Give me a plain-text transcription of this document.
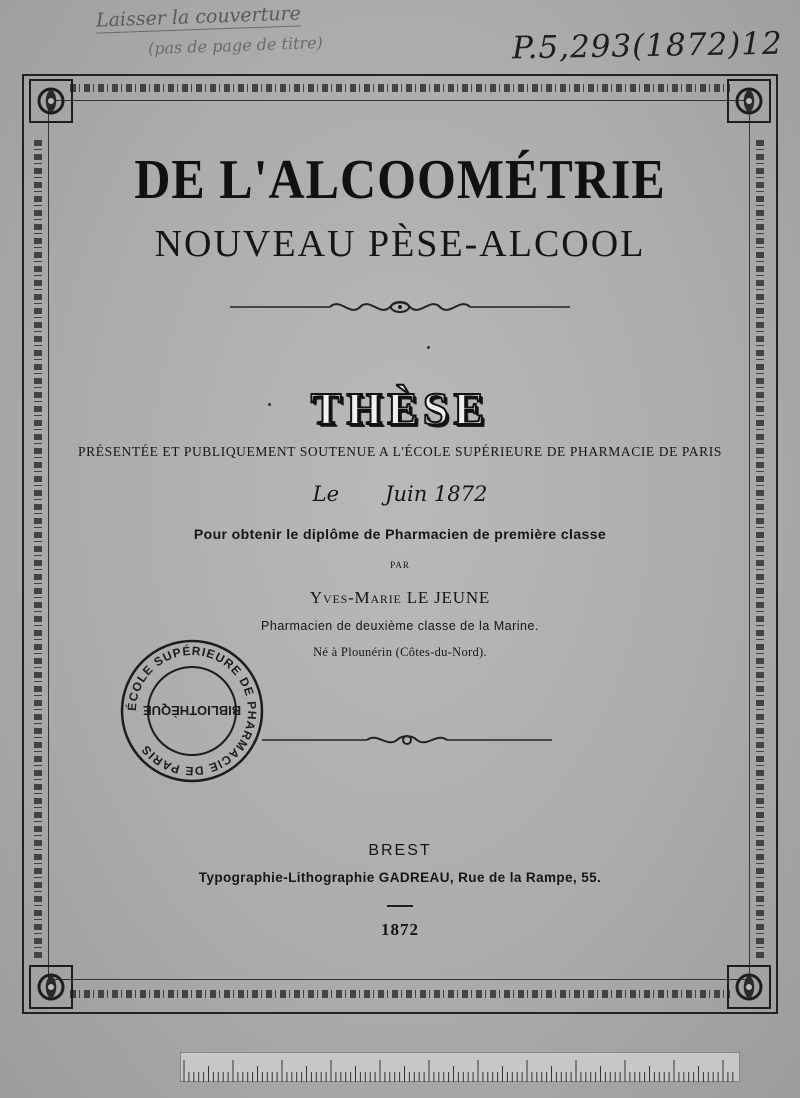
Laisser la couverture
(pas de page de titre)	P.5,293(1872)12
DE L'ALCOOMÉTRIE
NOUVEAU PÈSE-ALCOOL
THÈSE
PRÉSENTÉE ET PUBLIQUEMENT SOUTENUE A L'ÉCOLE SUPÉRIEURE DE PHARMACIE DE PARIS
Le Juin 1872
Pour obtenir le diplôme de Pharmacien de première classe
PAR
Yves-Marie LE JEUNE
Pharmacien de deuxième classe de la Marine.
Né à Plounérin (Côtes-du-Nord).
ÉCOLE SUPÉRIEURE DE PHARMACIE DE PARIS
BIBLIOTHÈQUE
BREST
Typographie-Lithographie GADREAU, Rue de la Rampe, 55.
1872
